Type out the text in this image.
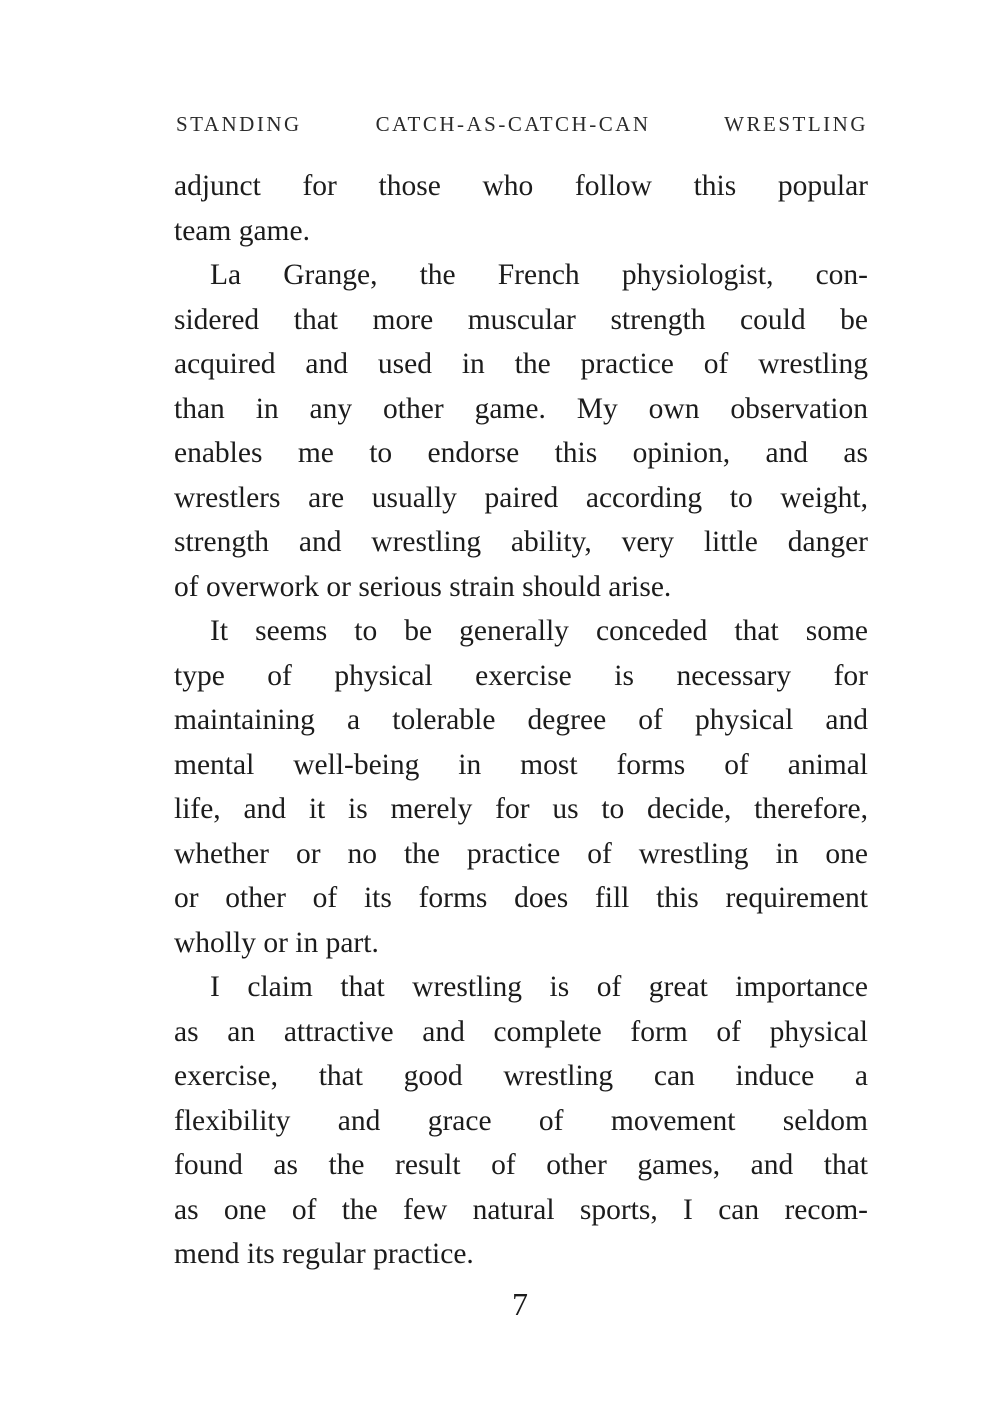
STANDING CATCH-AS-CATCH-CAN WRESTLING
adjunct for those who follow this popular
team game.
La Grange, the French physiologist, con-
sidered that more muscular strength could be
acquired and used in the practice of wrestling
than in any other game. My own observation
enables me to endorse this opinion, and as
wrestlers are usually paired according to weight,
strength and wrestling ability, very little danger
of overwork or serious strain should arise.
It seems to be generally conceded that some
type of physical exercise is necessary for
maintaining a tolerable degree of physical and
mental well-being in most forms of animal
life, and it is merely for us to decide, therefore,
whether or no the practice of wrestling in one
or other of its forms does fill this requirement
wholly or in part.
I claim that wrestling is of great importance
as an attractive and complete form of physical
exercise, that good wrestling can induce a
flexibility and grace of movement seldom
found as the result of other games, and that
as one of the few natural sports, I can recom-
mend its regular practice.
7
